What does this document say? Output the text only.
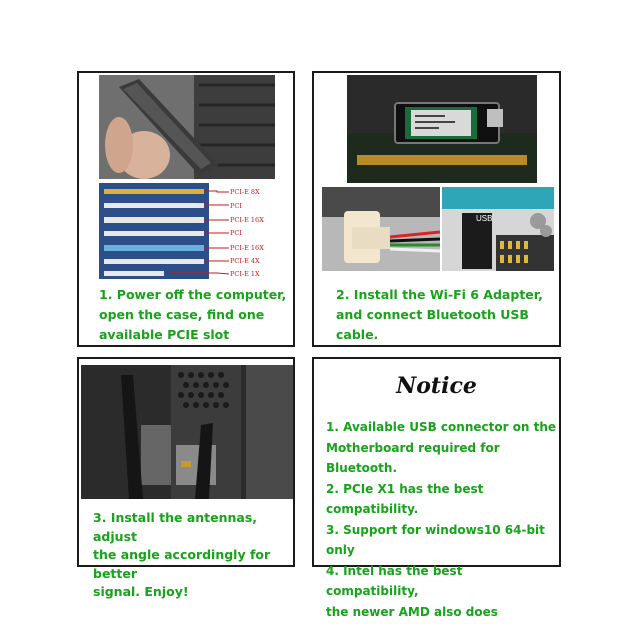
PCI-E 8X
PCI
PCI-E 16X
PCI
PCI-E 16X
PCI-E 4X
PCI-E 1X

1. Power off the computer,
open the case, find one
available PCIE slot

USB

2. Install the Wi-Fi 6 Adapter,
and connect Bluetooth USB
cable.

3. Install the antennas, adjust
the angle accordingly for better
signal. Enjoy!

Notice
1. Available USB connector on the
Motherboard required for Bluetooth.
2. PCIe X1 has the best compatibility.
3. Support for windows10 64-bit only
4. Intel has the best compatibility,
the newer AMD also does
